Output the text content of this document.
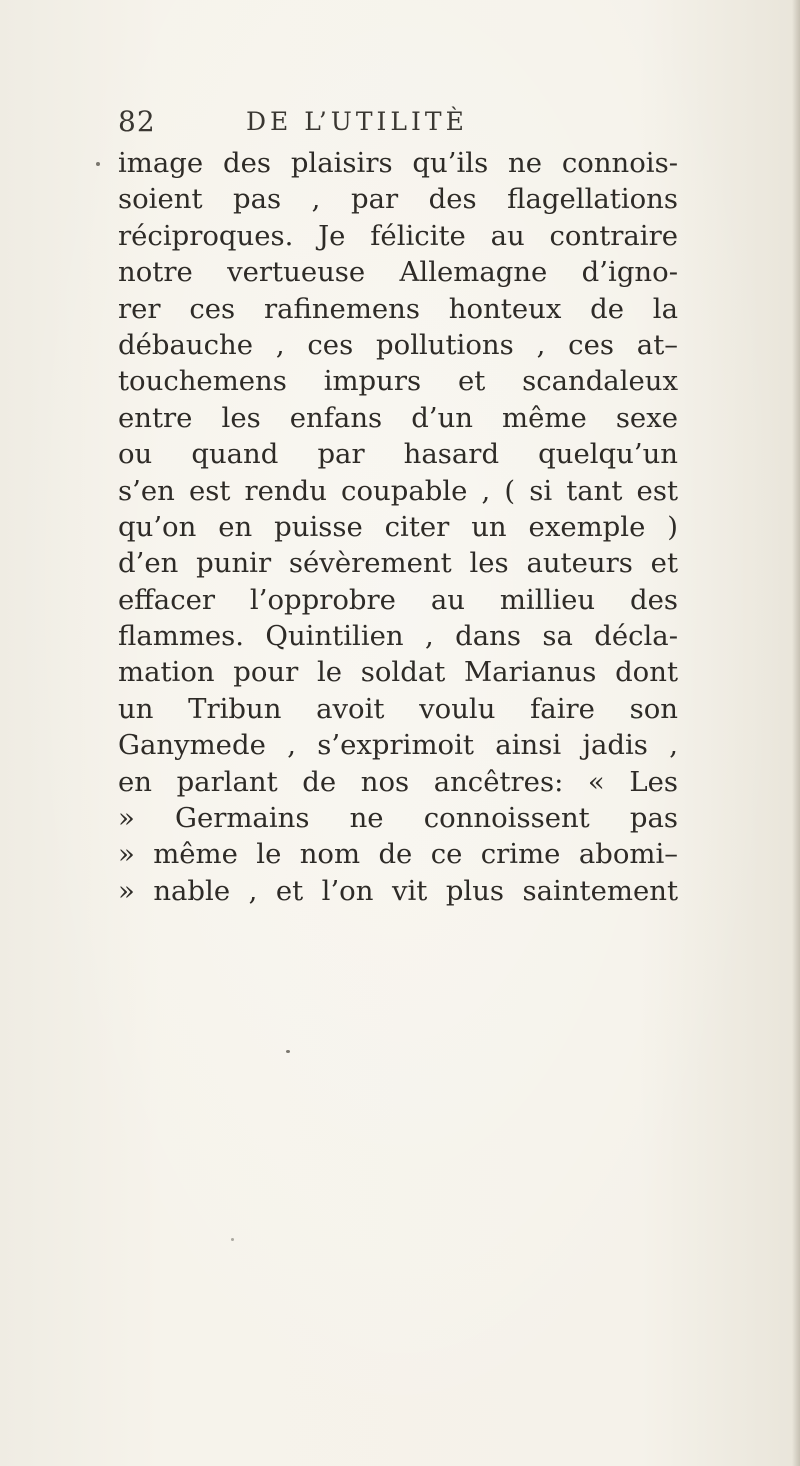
82	DE L’UTILITÈ
image des plaisirs qu’ils ne connois-
soient pas , par des flagellations
réciproques. Je félicite au contraire
notre vertueuse Allemagne d’igno-
rer ces rafinemens honteux de la
débauche , ces pollutions , ces at–
touchemens impurs et scandaleux
entre les enfans d’un même sexe
ou quand par hasard quelqu’un
s’en est rendu coupable , ( si tant est
qu’on en puisse citer un exemple )
d’en punir sévèrement les auteurs et
effacer l’opprobre au millieu des
flammes. Quintilien , dans sa décla-
mation pour le soldat Marianus dont
un Tribun avoit voulu faire son
Ganymede , s’exprimoit ainsi jadis ,
en parlant de nos ancêtres: « Les
» Germains ne connoissent pas
» même le nom de ce crime abomi–
» nable , et l’on vit plus saintement
